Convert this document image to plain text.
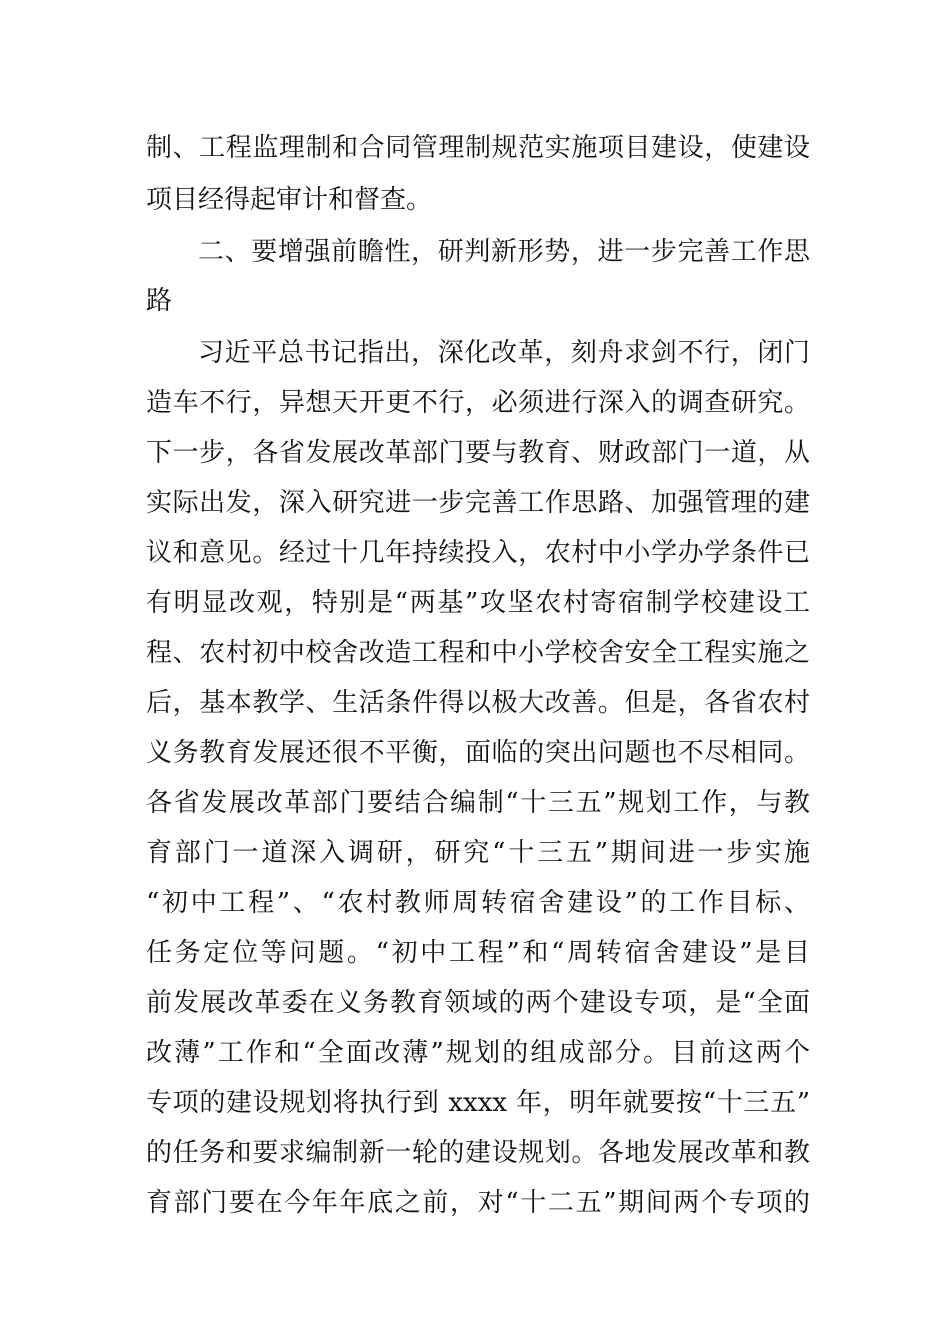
制、工程监理制和合同管理制规范实施项目建设，使建设
项目经得起审计和督查。
二、要增强前瞻性，研判新形势，进一步完善工作思
路
习近平总书记指出，深化改革，刻舟求剑不行，闭门
造车不行，异想天开更不行，必须进行深入的调查研究。
下一步，各省发展改革部门要与教育、财政部门一道，从
实际出发，深入研究进一步完善工作思路、加强管理的建
议和意见。经过十几年持续投入，农村中小学办学条件已
有明显改观，特别是“两基”攻坚农村寄宿制学校建设工
程、农村初中校舍改造工程和中小学校舍安全工程实施之
后，基本教学、生活条件得以极大改善。但是，各省农村
义务教育发展还很不平衡，面临的突出问题也不尽相同。
各省发展改革部门要结合编制“十三五”规划工作，与教
育部门一道深入调研，研究“十三五”期间进一步实施
“初中工程”、“农村教师周转宿舍建设”的工作目标、
任务定位等问题。“初中工程”和“周转宿舍建设”是目
前发展改革委在义务教育领域的两个建设专项，是“全面
改薄”工作和“全面改薄”规划的组成部分。目前这两个
专项的建设规划将执行到 xxxx 年，明年就要按“十三五”
的任务和要求编制新一轮的建设规划。各地发展改革和教
育部门要在今年年底之前，对“十二五”期间两个专项的
